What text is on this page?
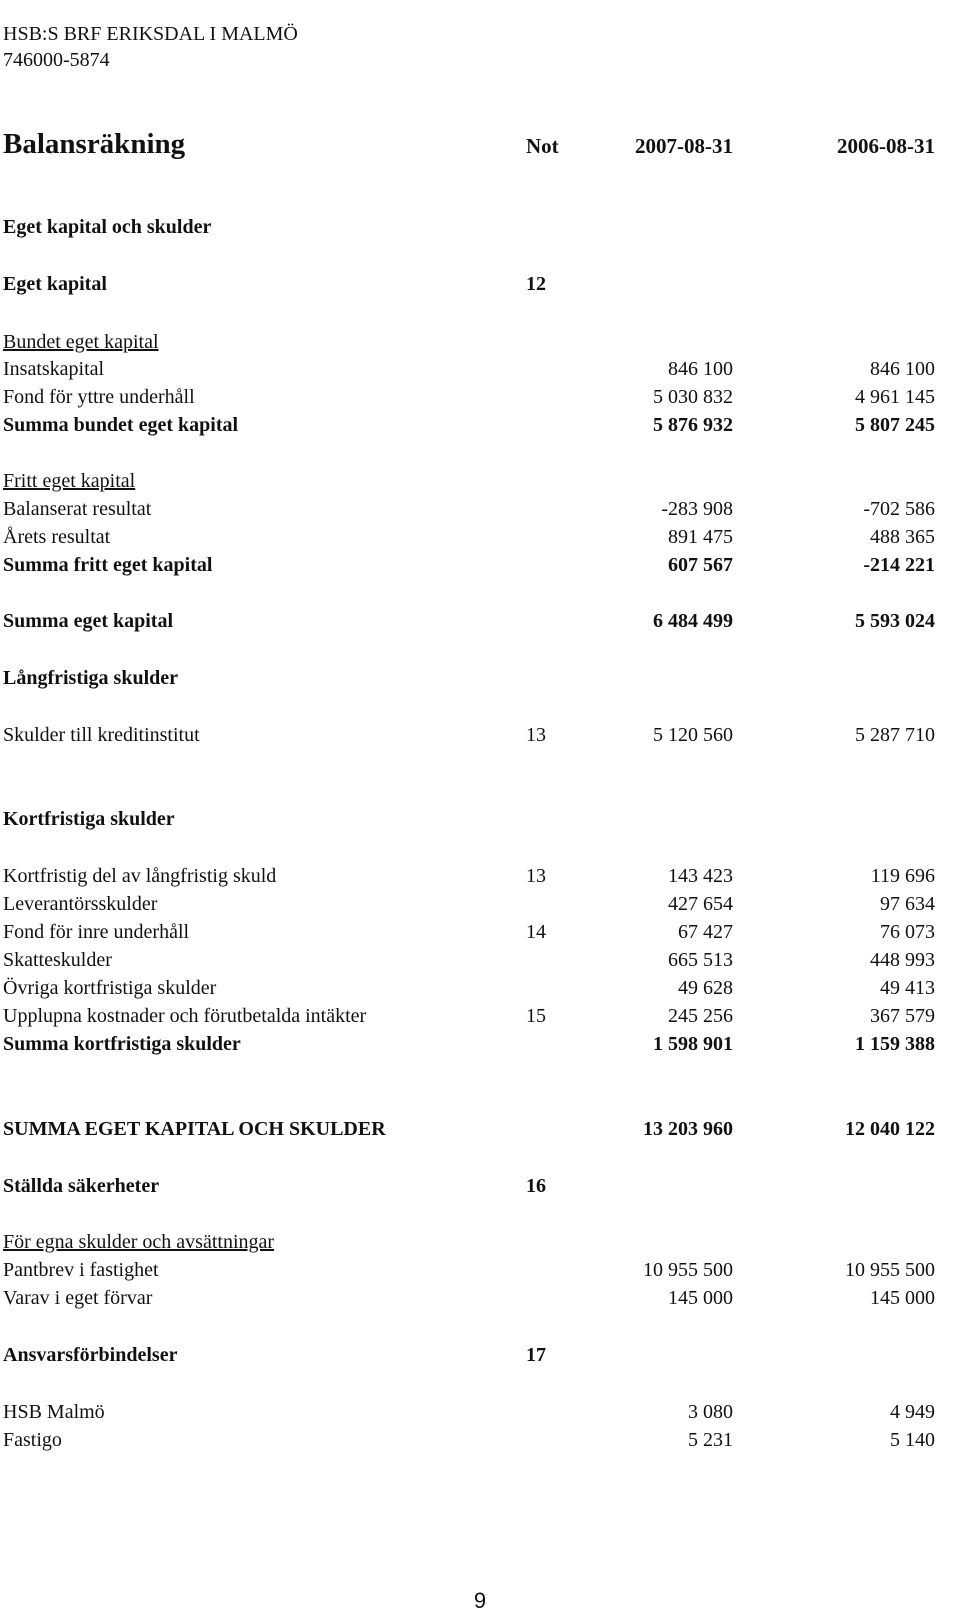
HSB:S BRF ERIKSDAL I MALMÖ
746000-5874
Balansräkning	Not	2007-08-31	2006-08-31
Eget kapital och skulder
Eget kapital	12
Bundet eget kapital
Insatskapital	846 100	846 100
Fond för yttre underhåll	5 030 832	4 961 145
Summa bundet eget kapital	5 876 932	5 807 245
Fritt eget kapital
Balanserat resultat	-283 908	-702 586
Årets resultat	891 475	488 365
Summa fritt eget kapital	607 567	-214 221
Summa eget kapital	6 484 499	5 593 024
Långfristiga skulder
Skulder till kreditinstitut	13	5 120 560	5 287 710
Kortfristiga skulder
Kortfristig del av långfristig skuld	13	143 423	119 696
Leverantörsskulder	427 654	97 634
Fond för inre underhåll	14	67 427	76 073
Skatteskulder	665 513	448 993
Övriga kortfristiga skulder	49 628	49 413
Upplupna kostnader och förutbetalda intäkter	15	245 256	367 579
Summa kortfristiga skulder	1 598 901	1 159 388
SUMMA EGET KAPITAL OCH SKULDER	13 203 960	12 040 122
Ställda säkerheter	16
För egna skulder och avsättningar
Pantbrev i fastighet	10 955 500	10 955 500
Varav i eget förvar	145 000	145 000
Ansvarsförbindelser	17
HSB Malmö	3 080	4 949
Fastigo	5 231	5 140
9
